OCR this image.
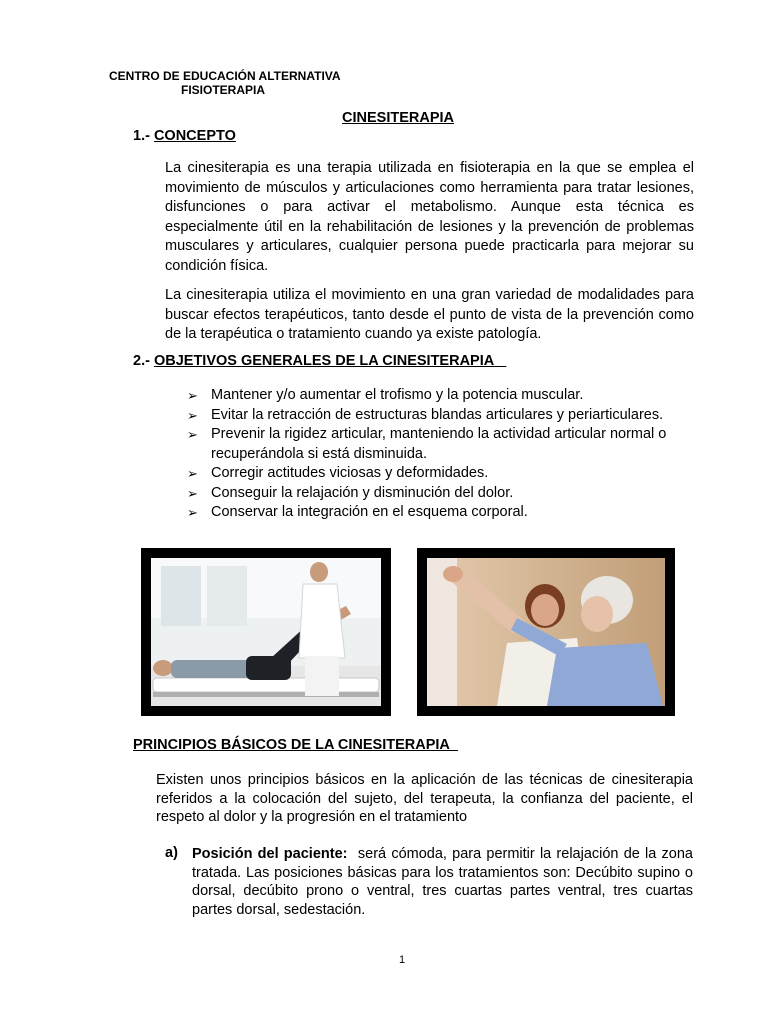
CENTRO DE EDUCACIÓN ALTERNATIVA
FISIOTERAPIA
CINESITERAPIA
1.- CONCEPTO

La cinesiterapia es una terapia utilizada en fisioterapia en la que se emplea el movimiento de músculos y articulaciones como herramienta para tratar lesiones, disfunciones o para activar el metabolismo. Aunque esta técnica es especialmente útil en la rehabilitación de lesiones y la prevención de problemas musculares y articulares, cualquier persona puede practicarla para mejorar su condición física.

La cinesiterapia utiliza el movimiento en una gran variedad de modalidades para buscar efectos terapéuticos, tanto desde el punto de vista de la prevención como de la terapéutica o tratamiento cuando ya existe patología.

2.- OBJETIVOS GENERALES DE LA CINESITERAPIA
➢ Mantener y/o aumentar el trofismo y la potencia muscular.
➢ Evitar la retracción de estructuras blandas articulares y periarticulares.
➢ Prevenir la rigidez articular, manteniendo la actividad articular normal o recuperándola si está disminuida.
➢ Corregir actitudes viciosas y deformidades.
➢ Conseguir la relajación y disminución del dolor.
➢ Conservar la integración en el esquema corporal.
PRINCIPIOS BÁSICOS DE LA CINESITERAPIA

Existen unos principios básicos en la aplicación de las técnicas de cinesiterapia referidos a la colocación del sujeto, del terapeuta, la confianza del paciente, el respeto al dolor y la progresión en el tratamiento

a) Posición del paciente: será cómoda, para permitir la relajación de la zona tratada. Las posiciones básicas para los tratamientos son: Decúbito supino o dorsal, decúbito prono o ventral, tres cuartas partes ventral, tres cuartas partes dorsal, sedestación.

1
